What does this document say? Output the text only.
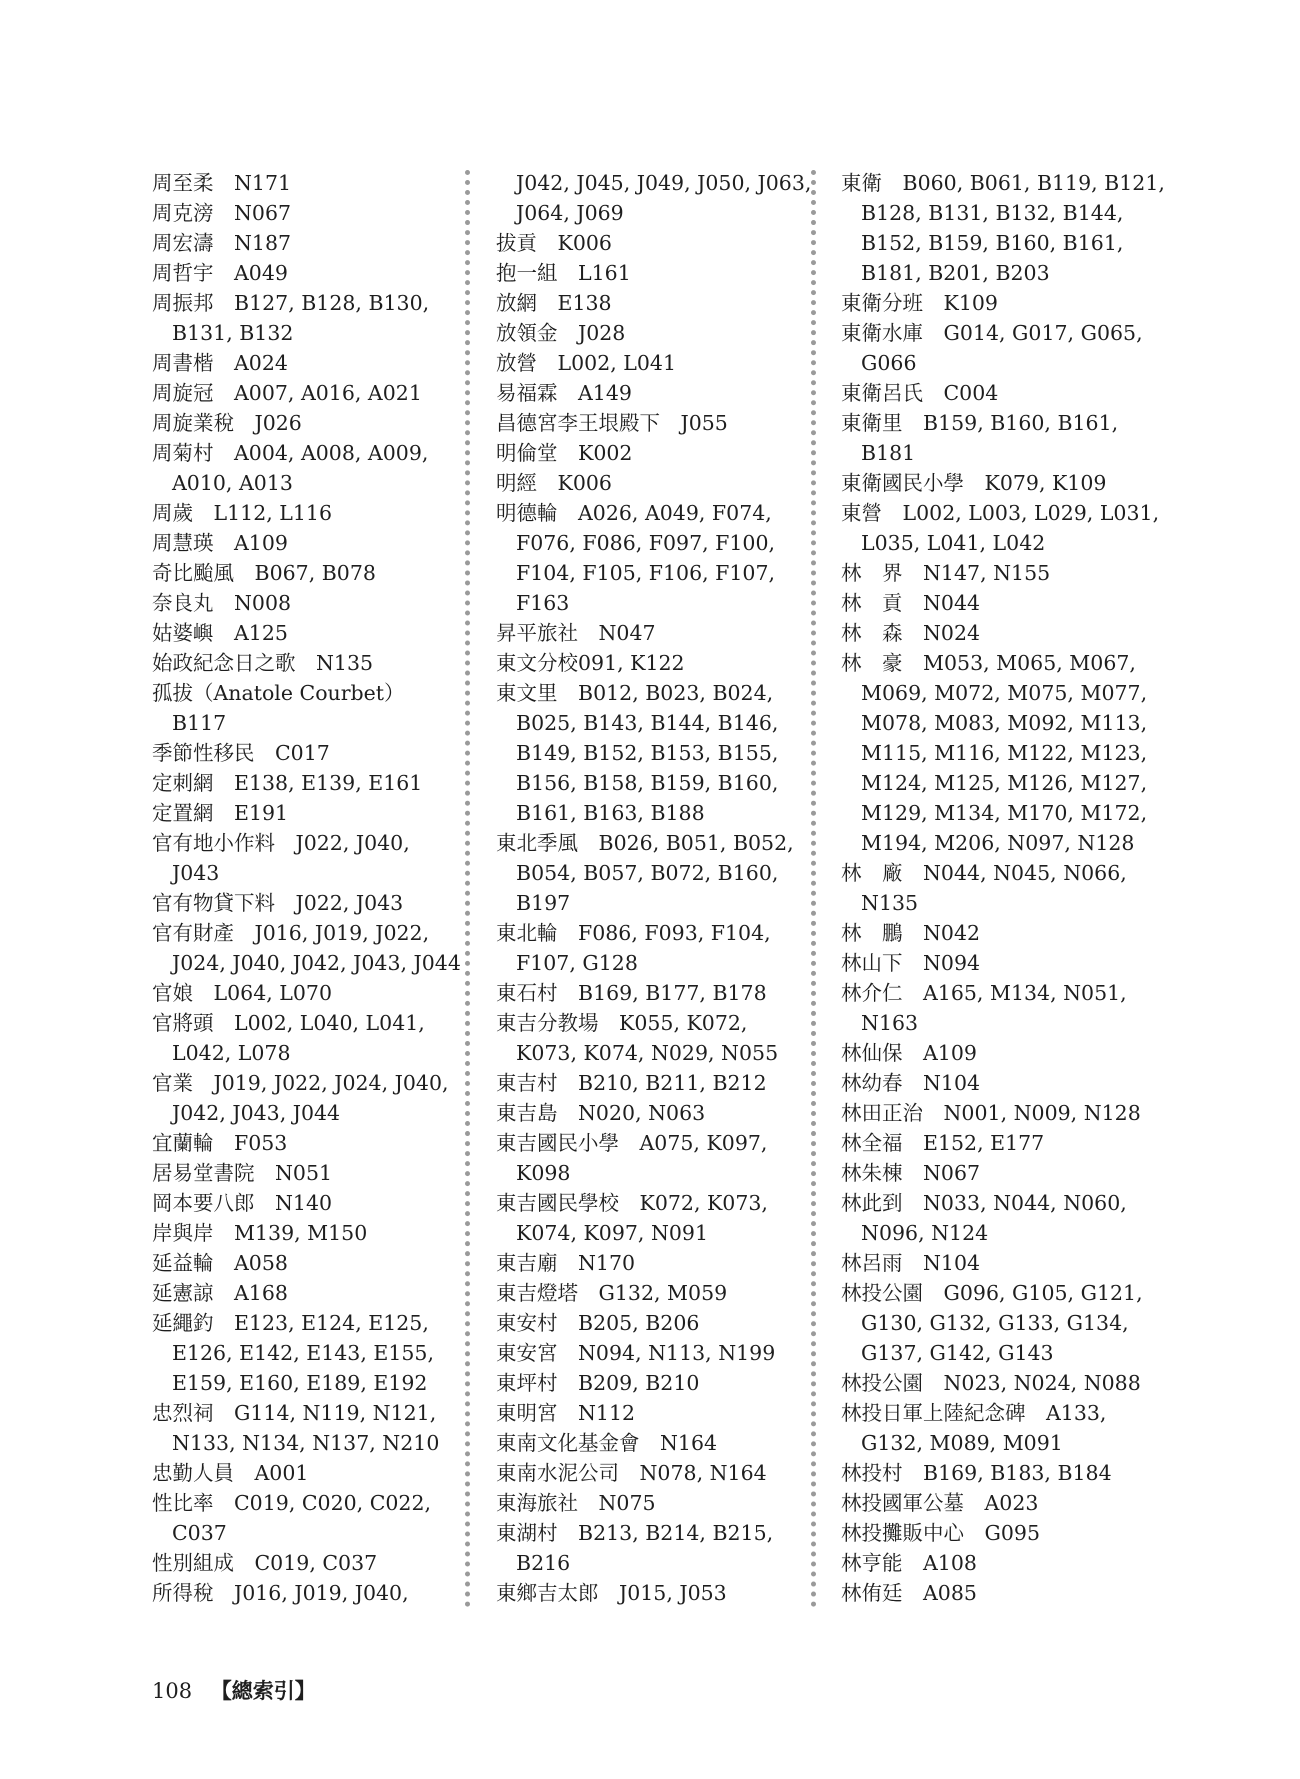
周至柔　N171
周克滂　N067
周宏濤　N187
周哲宇　A049
周振邦　B127, B128, B130,
B131, B132
周書楷　A024
周旋冠　A007, A016, A021
周旋業稅　J026
周菊村　A004, A008, A009,
A010, A013
周歲　L112, L116
周慧瑛　A109
奇比颱風　B067, B078
奈良丸　N008
姑婆嶼　A125
始政紀念日之歌　N135
孤拔（Anatole Courbet）
B117
季節性移民　C017
定刺網　E138, E139, E161
定置網　E191
官有地小作料　J022, J040,
J043
官有物貸下料　J022, J043
官有財產　J016, J019, J022,
J024, J040, J042, J043, J044
官娘　L064, L070
官將頭　L002, L040, L041,
L042, L078
官業　J019, J022, J024, J040,
J042, J043, J044
宜蘭輪　F053
居易堂書院　N051
岡本要八郎　N140
岸與岸　M139, M150
延益輪　A058
延憲諒　A168
延繩釣　E123, E124, E125,
E126, E142, E143, E155,
E159, E160, E189, E192
忠烈祠　G114, N119, N121,
N133, N134, N137, N210
忠勤人員　A001
性比率　C019, C020, C022,
C037
性別組成　C019, C037
所得稅　J016, J019, J040,
J042, J045, J049, J050, J063,
J064, J069
拔貢　K006
抱一組　L161
放網　E138
放領金　J028
放營　L002, L041
易福霖　A149
昌德宮李王垠殿下　J055
明倫堂　K002
明經　K006
明德輪　A026, A049, F074,
F076, F086, F097, F100,
F104, F105, F106, F107,
F163
昇平旅社　N047
東文分校091, K122
東文里　B012, B023, B024,
B025, B143, B144, B146,
B149, B152, B153, B155,
B156, B158, B159, B160,
B161, B163, B188
東北季風　B026, B051, B052,
B054, B057, B072, B160,
B197
東北輪　F086, F093, F104,
F107, G128
東石村　B169, B177, B178
東吉分教場　K055, K072,
K073, K074, N029, N055
東吉村　B210, B211, B212
東吉島　N020, N063
東吉國民小學　A075, K097,
K098
東吉國民學校　K072, K073,
K074, K097, N091
東吉廟　N170
東吉燈塔　G132, M059
東安村　B205, B206
東安宮　N094, N113, N199
東坪村　B209, B210
東明宮　N112
東南文化基金會　N164
東南水泥公司　N078, N164
東海旅社　N075
東湖村　B213, B214, B215,
B216
東鄉吉太郎　J015, J053
東衛　B060, B061, B119, B121,
B128, B131, B132, B144,
B152, B159, B160, B161,
B181, B201, B203
東衛分班　K109
東衛水庫　G014, G017, G065,
G066
東衛呂氏　C004
東衛里　B159, B160, B161,
B181
東衛國民小學　K079, K109
東營　L002, L003, L029, L031,
L035, L041, L042
林　界　N147, N155
林　貢　N044
林　森　N024
林　豪　M053, M065, M067,
M069, M072, M075, M077,
M078, M083, M092, M113,
M115, M116, M122, M123,
M124, M125, M126, M127,
M129, M134, M170, M172,
M194, M206, N097, N128
林　廠　N044, N045, N066,
N135
林　鵬　N042
林山下　N094
林介仁　A165, M134, N051,
N163
林仙保　A109
林幼春　N104
林田正治　N001, N009, N128
林全福　E152, E177
林朱棟　N067
林此到　N033, N044, N060,
N096, N124
林呂雨　N104
林投公園　G096, G105, G121,
G130, G132, G133, G134,
G137, G142, G143
林投公園　N023, N024, N088
林投日軍上陸紀念碑　A133,
G132, M089, M091
林投村　B169, B183, B184
林投國軍公墓　A023
林投攤販中心　G095
林亨能　A108
林侑廷　A085
108 【總索引】
